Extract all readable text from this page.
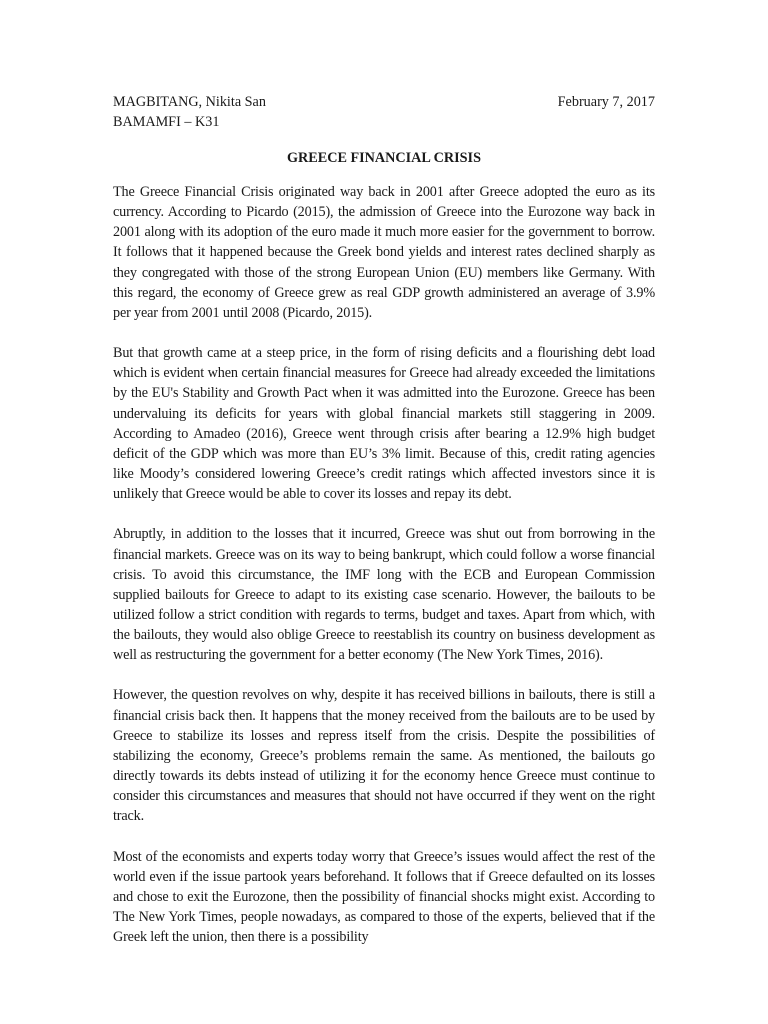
MAGBITANG, Nikita San	February 7, 2017
BAMAMFI – K31
GREECE FINANCIAL CRISIS

The Greece Financial Crisis originated way back in 2001 after Greece adopted the euro as its currency. According to Picardo (2015), the admission of Greece into the Eurozone way back in 2001 along with its adoption of the euro made it much more easier for the government to borrow. It follows that it happened because the Greek bond yields and interest rates declined sharply as they congregated with those of the strong European Union (EU) members like Germany. With this regard, the economy of Greece grew as real GDP growth administered an average of 3.9% per year from 2001 until 2008 (Picardo, 2015).

But that growth came at a steep price, in the form of rising deficits and a flourishing debt load which is evident when certain financial measures for Greece had already exceeded the limitations by the EU's Stability and Growth Pact when it was admitted into the Eurozone. Greece has been undervaluing its deficits for years with global financial markets still staggering in 2009. According to Amadeo (2016), Greece went through crisis after bearing a 12.9% high budget deficit of the GDP which was more than EU’s 3% limit. Because of this, credit rating agencies like Moody’s considered lowering Greece’s credit ratings which affected investors since it is unlikely that Greece would be able to cover its losses and repay its debt.

Abruptly, in addition to the losses that it incurred, Greece was shut out from borrowing in the financial markets. Greece was on its way to being bankrupt, which could follow a worse financial crisis. To avoid this circumstance, the IMF long with the ECB and European Commission supplied bailouts for Greece to adapt to its existing case scenario. However, the bailouts to be utilized follow a strict condition with regards to terms, budget and taxes. Apart from which, with the bailouts, they would also oblige Greece to reestablish its country on business development as well as restructuring the government for a better economy (The New York Times, 2016).

However, the question revolves on why, despite it has received billions in bailouts, there is still a financial crisis back then. It happens that the money received from the bailouts are to be used by Greece to stabilize its losses and repress itself from the crisis. Despite the possibilities of stabilizing the economy, Greece’s problems remain the same. As mentioned, the bailouts go directly towards its debts instead of utilizing it for the economy hence Greece must continue to consider this circumstances and measures that should not have occurred if they went on the right track.

Most of the economists and experts today worry that Greece’s issues would affect the rest of the world even if the issue partook years beforehand. It follows that if Greece defaulted on its losses and chose to exit the Eurozone, then the possibility of financial shocks might exist. According to The New York Times, people nowadays, as compared to those of the experts, believed that if the Greek left the union, then there is a possibility
